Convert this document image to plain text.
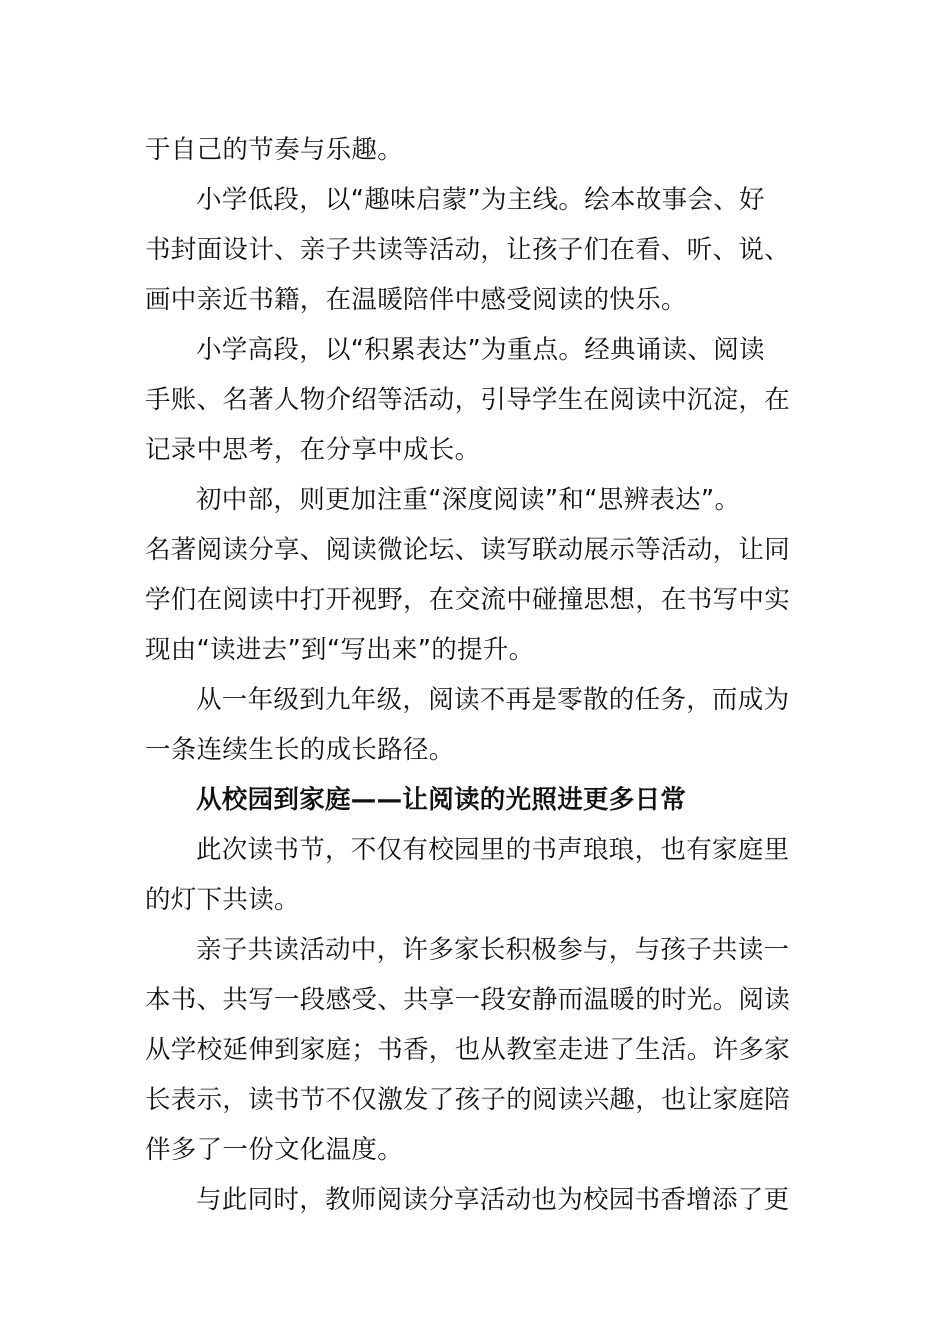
于自己的节奏与乐趣。
小学低段，以“趣味启蒙”为主线。绘本故事会、好
书封面设计、亲子共读等活动，让孩子们在看、听、说、
画中亲近书籍，在温暖陪伴中感受阅读的快乐。
小学高段，以“积累表达”为重点。经典诵读、阅读
手账、名著人物介绍等活动，引导学生在阅读中沉淀，在
记录中思考，在分享中成长。
初中部，则更加注重“深度阅读”和“思辨表达”。
名著阅读分享、阅读微论坛、读写联动展示等活动，让同
学们在阅读中打开视野，在交流中碰撞思想，在书写中实
现由“读进去”到“写出来”的提升。
从一年级到九年级，阅读不再是零散的任务，而成为
一条连续生长的成长路径。
从校园到家庭——让阅读的光照进更多日常
此次读书节，不仅有校园里的书声琅琅，也有家庭里
的灯下共读。
亲子共读活动中，许多家长积极参与，与孩子共读一
本书、共写一段感受、共享一段安静而温暖的时光。阅读
从学校延伸到家庭；书香，也从教室走进了生活。许多家
长表示，读书节不仅激发了孩子的阅读兴趣，也让家庭陪
伴多了一份文化温度。
与此同时，教师阅读分享活动也为校园书香增添了更
